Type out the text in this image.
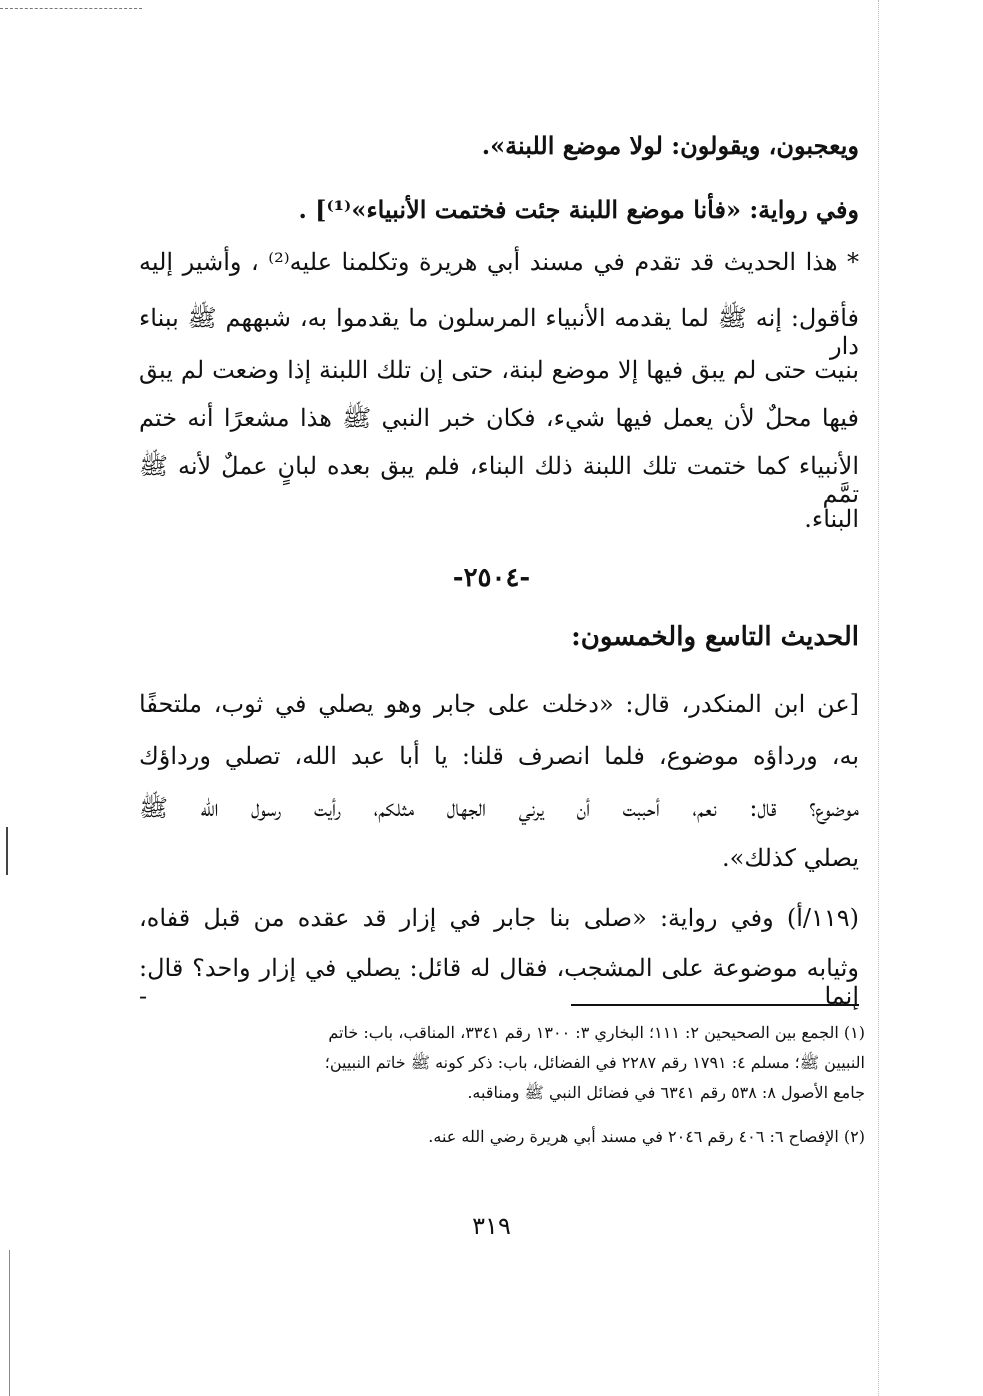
ويعجبون، ويقولون: لولا موضع اللبنة».
وفي رواية: «فأنا موضع اللبنة جئت فختمت الأنبياء»⁽¹⁾] .
* هذا الحديث قد تقدم في مسند أبي هريرة وتكلمنا عليه⁽²⁾ ، وأشير إليه
فأقول: إنه ﷺ لما يقدمه الأنبياء المرسلون ما يقدموا به، شبههم ﷺ ببناء دار
بنيت حتى لم يبق فيها إلا موضع لبنة، حتى إن تلك اللبنة إذا وضعت لم يبق
فيها محلٌ لأن يعمل فيها شيء، فكان خبر النبي ﷺ هذا مشعرًا أنه ختم
الأنبياء كما ختمت تلك اللبنة ذلك البناء، فلم يبق بعده لبانٍ عملٌ لأنه ﷺ تمَّم
البناء.
-٢٥٠٤-
الحديث التاسع والخمسون:
[عن ابن المنكدر، قال: «دخلت على جابر وهو يصلي في ثوب، ملتحفًا
به، ورداؤه موضوع، فلما انصرف قلنا: يا أبا عبد الله، تصلي ورداؤك
موضوع؟ قال: نعم، أحببت أن يرني الجهال مثلكم، رأيت رسول الله ﷺ
يصلي كذلك».
(١١٩/أ) وفي رواية: «صلى بنا جابر في إزار قد عقده من قبل قفاه،
وثيابه موضوعة على المشجب، فقال له قائل: يصلي في إزار واحد؟ قال: إنما -
(١) الجمع بين الصحيحين ٢: ١١١؛ البخاري ٣: ١٣٠٠ رقم ٣٣٤١، المناقب، باب: خاتم
النبيين ﷺ؛ مسلم ٤: ١٧٩١ رقم ٢٢٨٧ في الفضائل، باب: ذكر كونه ﷺ خاتم النبيين؛
جامع الأصول ٨: ٥٣٨ رقم ٦٣٤١ في فضائل النبي ﷺ ومناقبه.
(٢) الإفصاح ٦: ٤٠٦ رقم ٢٠٤٦ في مسند أبي هريرة رضي الله عنه.
٣١٩
